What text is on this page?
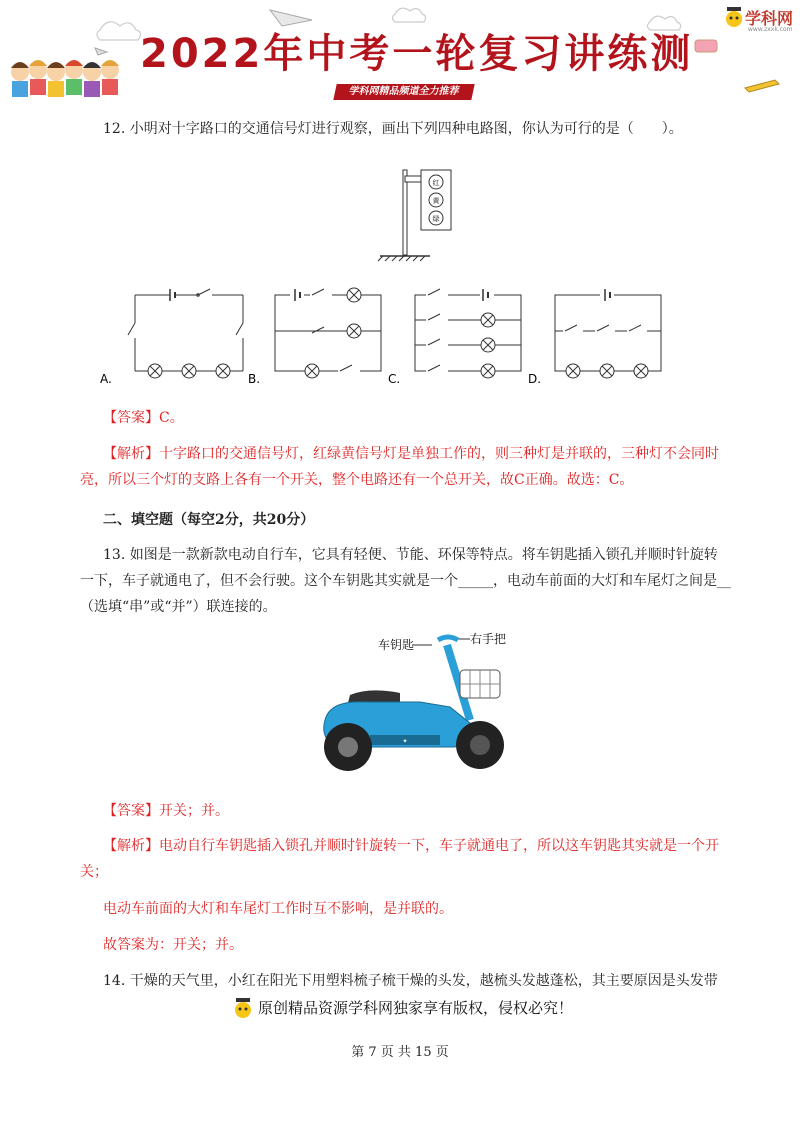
2022年中考一轮复习讲练测
学科网精品频道全力推荐
学科网
www.zxxk.com
12. 小明对十字路口的交通信号灯进行观察，画出下列四种电路图，你认为可行的是（　　）。
红
黄
绿
A.	B.	C.	D.
【答案】C。
【解析】十字路口的交通信号灯，红绿黄信号灯是单独工作的，则三种灯是并联的，三种灯不会同时
亮，所以三个灯的支路上各有一个开关，整个电路还有一个总开关，故C正确。故选：C。
二、填空题（每空2分，共20分）
13. 如图是一款新款电动自行车，它具有轻便、节能、环保等特点。将车钥匙插入锁孔并顺时针旋转
一下，车子就通电了，但不会行驶。这个车钥匙其实就是一个_____，电动车前面的大灯和车尾灯之间是__
（选填“串”或“并”）联连接的。
车钥匙	右手把
✦
【答案】开关；并。
【解析】电动自行车钥匙插入锁孔并顺时针旋转一下，车子就通电了，所以这车钥匙其实就是一个开
关；
电动车前面的大灯和车尾灯工作时互不影响，是并联的。
故答案为：开关；并。
14. 干燥的天气里，小红在阳光下用塑料梳子梳干燥的头发，越梳头发越蓬松，其主要原因是头发带
原创精品资源学科网独家享有版权，侵权必究！
第 7 页 共 15 页
